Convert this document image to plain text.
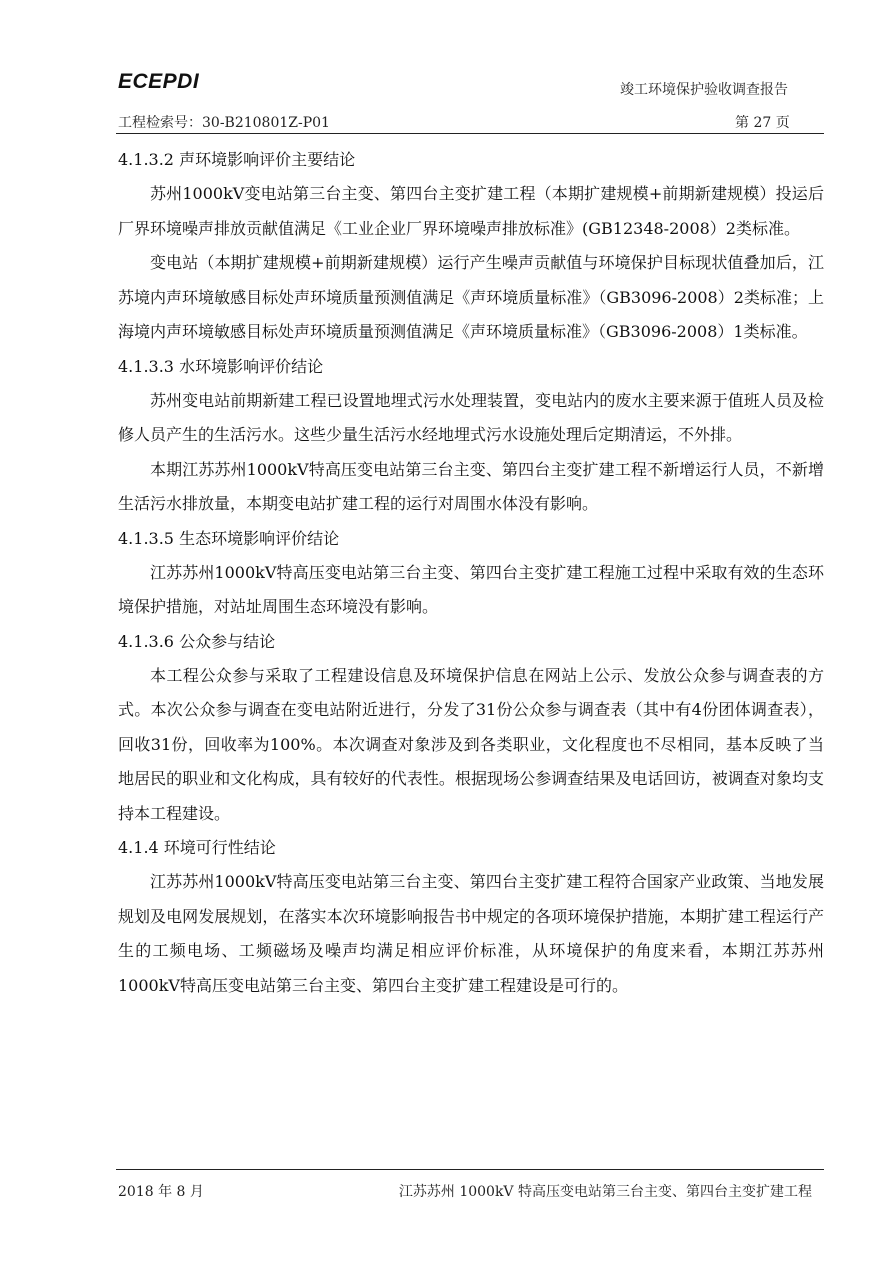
ECEPDI	竣工环境保护验收调查报告
工程检索号：30-B210801Z-P01	第 27 页
4.1.3.2 声环境影响评价主要结论

苏州1000kV变电站第三台主变、第四台主变扩建工程（本期扩建规模+前期新建规模）投运后厂界环境噪声排放贡献值满足《工业企业厂界环境噪声排放标准》(GB12348-2008）2类标准。

变电站（本期扩建规模+前期新建规模）运行产生噪声贡献值与环境保护目标现状值叠加后，江苏境内声环境敏感目标处声环境质量预测值满足《声环境质量标准》（GB3096-2008）2类标准；上海境内声环境敏感目标处声环境质量预测值满足《声环境质量标准》（GB3096-2008）1类标准。

4.1.3.3 水环境影响评价结论

苏州变电站前期新建工程已设置地埋式污水处理装置，变电站内的废水主要来源于值班人员及检修人员产生的生活污水。这些少量生活污水经地埋式污水设施处理后定期清运，不外排。

本期江苏苏州1000kV特高压变电站第三台主变、第四台主变扩建工程不新增运行人员，不新增生活污水排放量，本期变电站扩建工程的运行对周围水体没有影响。

4.1.3.5 生态环境影响评价结论

江苏苏州1000kV特高压变电站第三台主变、第四台主变扩建工程施工过程中采取有效的生态环境保护措施，对站址周围生态环境没有影响。

4.1.3.6 公众参与结论

本工程公众参与采取了工程建设信息及环境保护信息在网站上公示、发放公众参与调查表的方式。本次公众参与调查在变电站附近进行，分发了31份公众参与调查表（其中有4份团体调查表），回收31份，回收率为100%。本次调查对象涉及到各类职业，文化程度也不尽相同，基本反映了当地居民的职业和文化构成，具有较好的代表性。根据现场公参调查结果及电话回访，被调查对象均支持本工程建设。

4.1.4 环境可行性结论

江苏苏州1000kV特高压变电站第三台主变、第四台主变扩建工程符合国家产业政策、当地发展规划及电网发展规划，在落实本次环境影响报告书中规定的各项环境保护措施，本期扩建工程运行产生的工频电场、工频磁场及噪声均满足相应评价标准，从环境保护的角度来看，本期江苏苏州1000kV特高压变电站第三台主变、第四台主变扩建工程建设是可行的。

2018 年 8 月	江苏苏州 1000kV 特高压变电站第三台主变、第四台主变扩建工程
